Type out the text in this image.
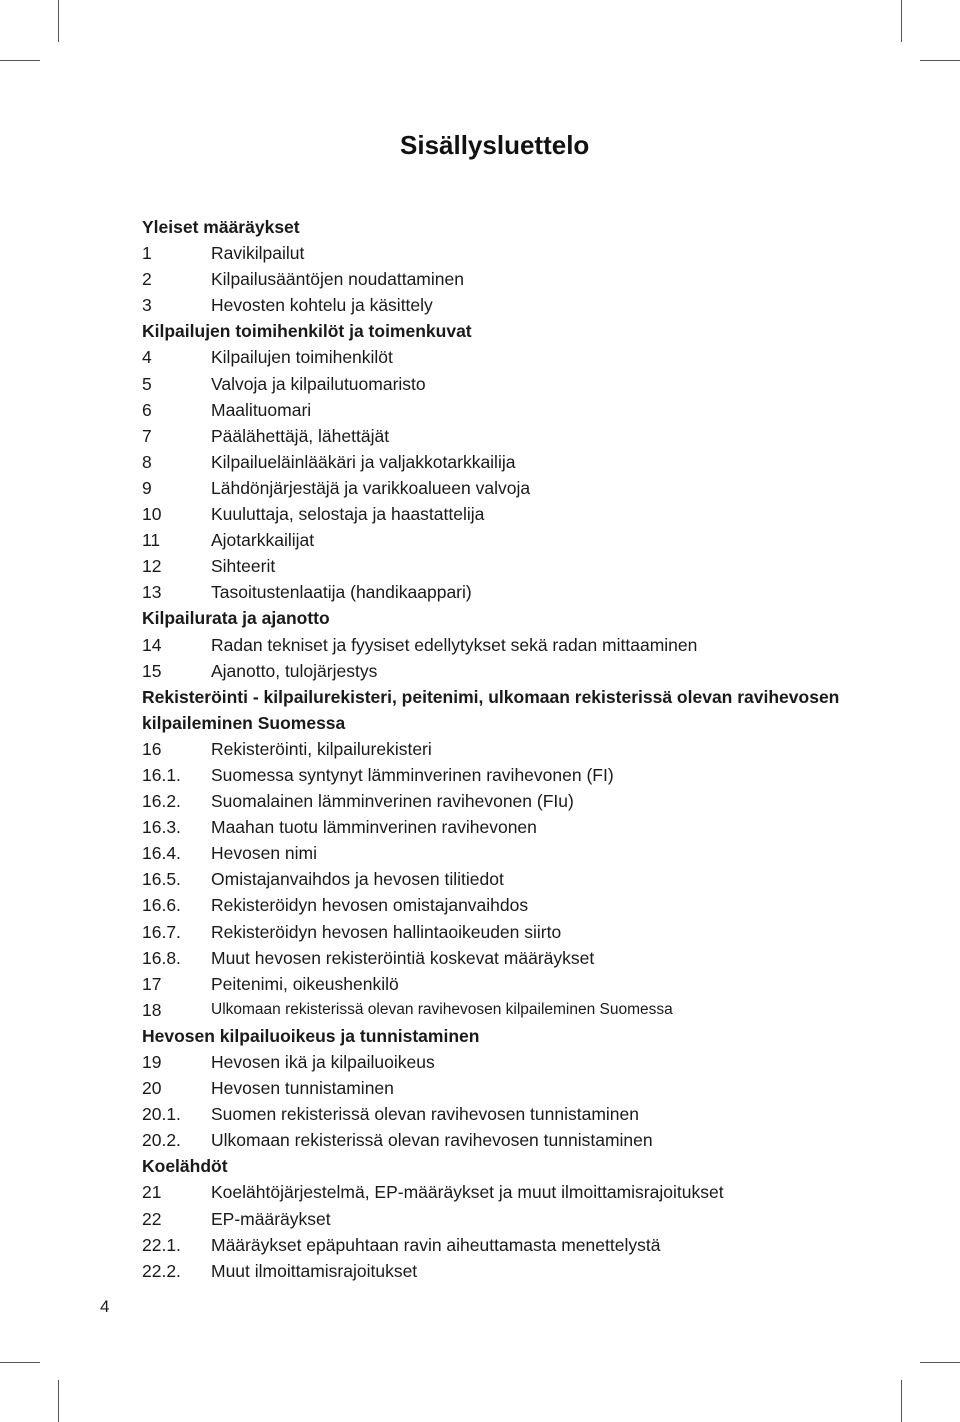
Sisällysluettelo
Yleiset määräykset
1	Ravikilpailut
2	Kilpailusääntöjen noudattaminen
3	Hevosten kohtelu ja käsittely
Kilpailujen toimihenkilöt ja toimenkuvat
4	Kilpailujen toimihenkilöt
5	Valvoja ja kilpailutuomaristo
6	Maalituomari
7	Päälähettäjä, lähettäjät
8	Kilpailueläinlääkäri ja valjakkotarkkailija
9	Lähdönjärjestäjä ja varikkoalueen valvoja
10	Kuuluttaja, selostaja ja haastattelija
11	Ajotarkkailijat
12	Sihteerit
13	Tasoitustenlaatija (handikaappari)
Kilpailurata ja ajanotto
14	Radan tekniset ja fyysiset edellytykset sekä radan mittaaminen
15	Ajanotto, tulojärjestys
Rekisteröinti - kilpailurekisteri, peitenimi, ulkomaan rekisterissä olevan ravihevosen kilpaileminen Suomessa
16	Rekisteröinti, kilpailurekisteri
16.1.	Suomessa syntynyt lämminverinen ravihevonen (FI)
16.2.	Suomalainen lämminverinen ravihevonen (FIu)
16.3.	Maahan tuotu lämminverinen ravihevonen
16.4.	Hevosen nimi
16.5.	Omistajanvaihdos ja hevosen tilitiedot
16.6.	Rekisteröidyn hevosen omistajanvaihdos
16.7.	Rekisteröidyn hevosen hallintaoikeuden siirto
16.8.	Muut hevosen rekisteröintiä koskevat määräykset
17	Peitenimi, oikeushenkilö
18	Ulkomaan rekisterissä olevan ravihevosen kilpaileminen Suomessa
Hevosen kilpailuoikeus ja tunnistaminen
19	Hevosen ikä ja kilpailuoikeus
20	Hevosen tunnistaminen
20.1.	Suomen rekisterissä olevan ravihevosen tunnistaminen
20.2.	Ulkomaan rekisterissä olevan ravihevosen tunnistaminen
Koelähdöt
21	Koelähtöjärjestelmä, EP-määräykset ja muut ilmoittamisrajoitukset
22	EP-määräykset
22.1.	Määräykset epäpuhtaan ravin aiheuttamasta menettelystä
22.2.	Muut ilmoittamisrajoitukset
4
